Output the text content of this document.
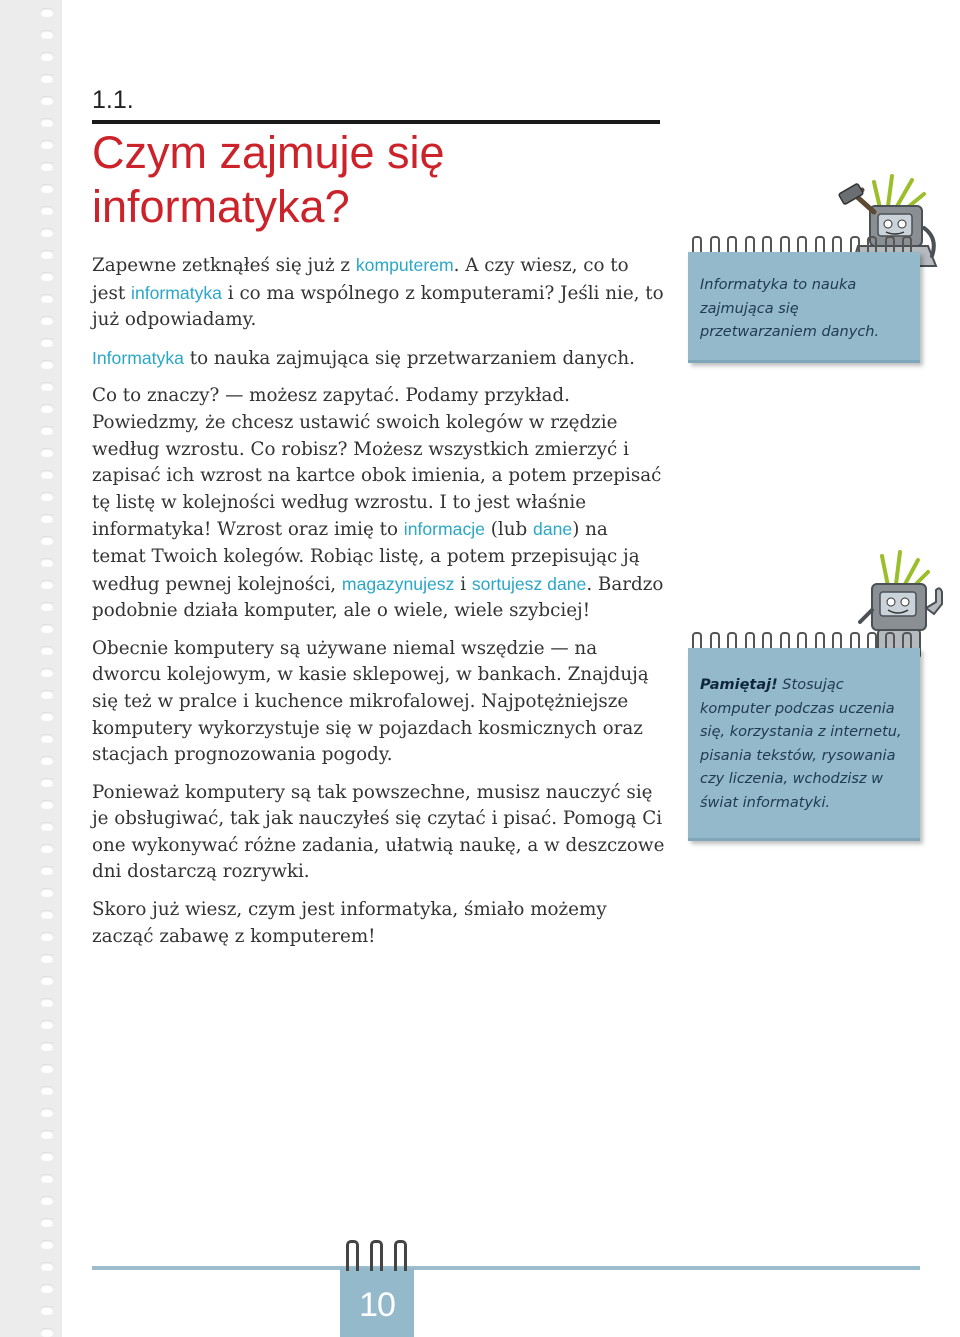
1.1.
Czym zajmuje się
informatyka?

Zapewne zetknąłeś się już z komputerem. A czy wiesz, co to jest informatyka i co ma wspólnego z komputerami? Jeśli nie, to już odpowiadamy.

Informatyka to nauka zajmująca się przetwarzaniem danych.

Co to znaczy? — możesz zapytać. Podamy przykład. Powiedzmy, że chcesz ustawić swoich kolegów w rzędzie według wzrostu. Co robisz? Możesz wszystkich zmierzyć i zapisać ich wzrost na kartce obok imienia, a potem przepisać tę listę w kolejności według wzrostu. I to jest właśnie informatyka! Wzrost oraz imię to informacje (lub dane) na temat Twoich kolegów. Robiąc listę, a potem przepisując ją według pewnej kolejności, magazynujesz i sortujesz dane. Bardzo podobnie działa komputer, ale o wiele, wiele szybciej!

Obecnie komputery są używane niemal wszędzie — na dworcu kolejowym, w kasie sklepowej, w bankach. Znajdują się też w pralce i kuchence mikrofalowej. Najpotężniejsze komputery wykorzystuje się w pojazdach kosmicznych oraz stacjach prognozowania pogody.

Ponieważ komputery są tak powszechne, musisz nauczyć się je obsługiwać, tak jak nauczyłeś się czytać i pisać. Pomogą Ci one wykonywać różne zadania, ułatwią naukę, a w deszczowe dni dostarczą rozrywki.

Skoro już wiesz, czym jest informatyka, śmiało możemy zacząć zabawę z komputerem!

Informatyka to nauka zajmująca się przetwarzaniem danych.
Pamiętaj! Stosując komputer podczas uczenia się, korzystania z internetu, pisania tekstów, rysowania czy liczenia, wchodzisz w świat informatyki.
10
